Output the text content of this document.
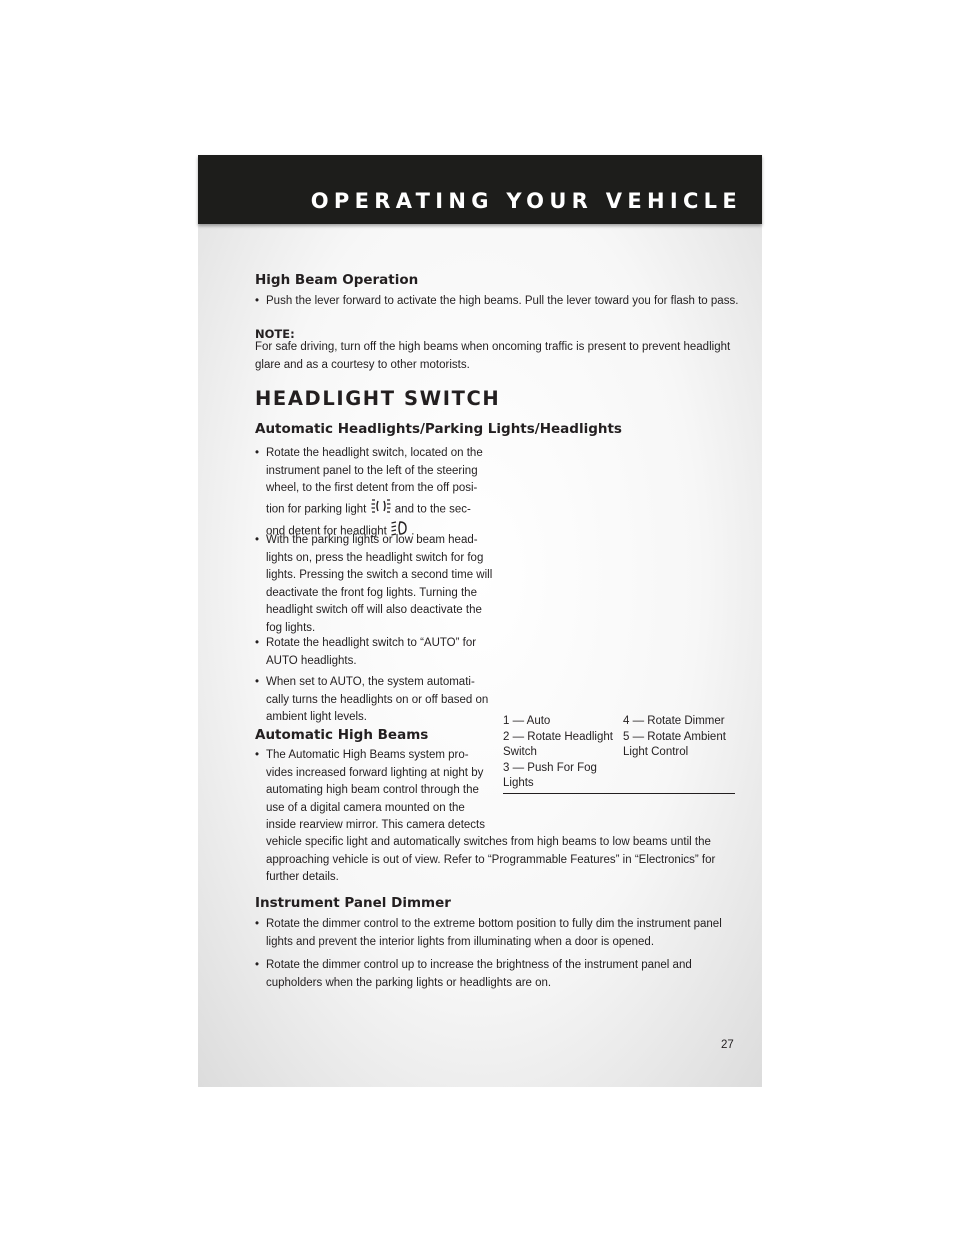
OPERATING YOUR VEHICLE
High Beam Operation
• Push the lever forward to activate the high beams. Pull the lever toward you for flash to pass.
NOTE:
For safe driving, turn off the high beams when oncoming traffic is present to prevent headlight
glare and as a courtesy to other motorists.
HEADLIGHT SWITCH
Automatic Headlights/Parking Lights/Headlights
• Rotate the headlight switch, located on the
instrument panel to the left of the steering
wheel, to the first detent from the off posi-
tion for parking light and to the sec-
ond detent for headlight .
• With the parking lights or low beam head-
lights on, press the headlight switch for fog
lights. Pressing the switch a second time will
deactivate the front fog lights. Turning the
headlight switch off will also deactivate the
fog lights.
• Rotate the headlight switch to “AUTO” for
AUTO headlights.
• When set to AUTO, the system automati-
cally turns the headlights on or off based on
ambient light levels.	1 — Auto
2 — Rotate Headlight
Switch
3 — Push For Fog
Lights
4 — Rotate Dimmer
5 — Rotate Ambient
Light Control
Automatic High Beams
• The Automatic High Beams system pro-
vides increased forward lighting at night by
automating high beam control through the
use of a digital camera mounted on the
inside rearview mirror. This camera detects
vehicle specific light and automatically switches from high beams to low beams until the
approaching vehicle is out of view. Refer to “Programmable Features” in “Electronics” for
further details.
Instrument Panel Dimmer
• Rotate the dimmer control to the extreme bottom position to fully dim the instrument panel
lights and prevent the interior lights from illuminating when a door is opened.
• Rotate the dimmer control up to increase the brightness of the instrument panel and
cupholders when the parking lights or headlights are on.
27
